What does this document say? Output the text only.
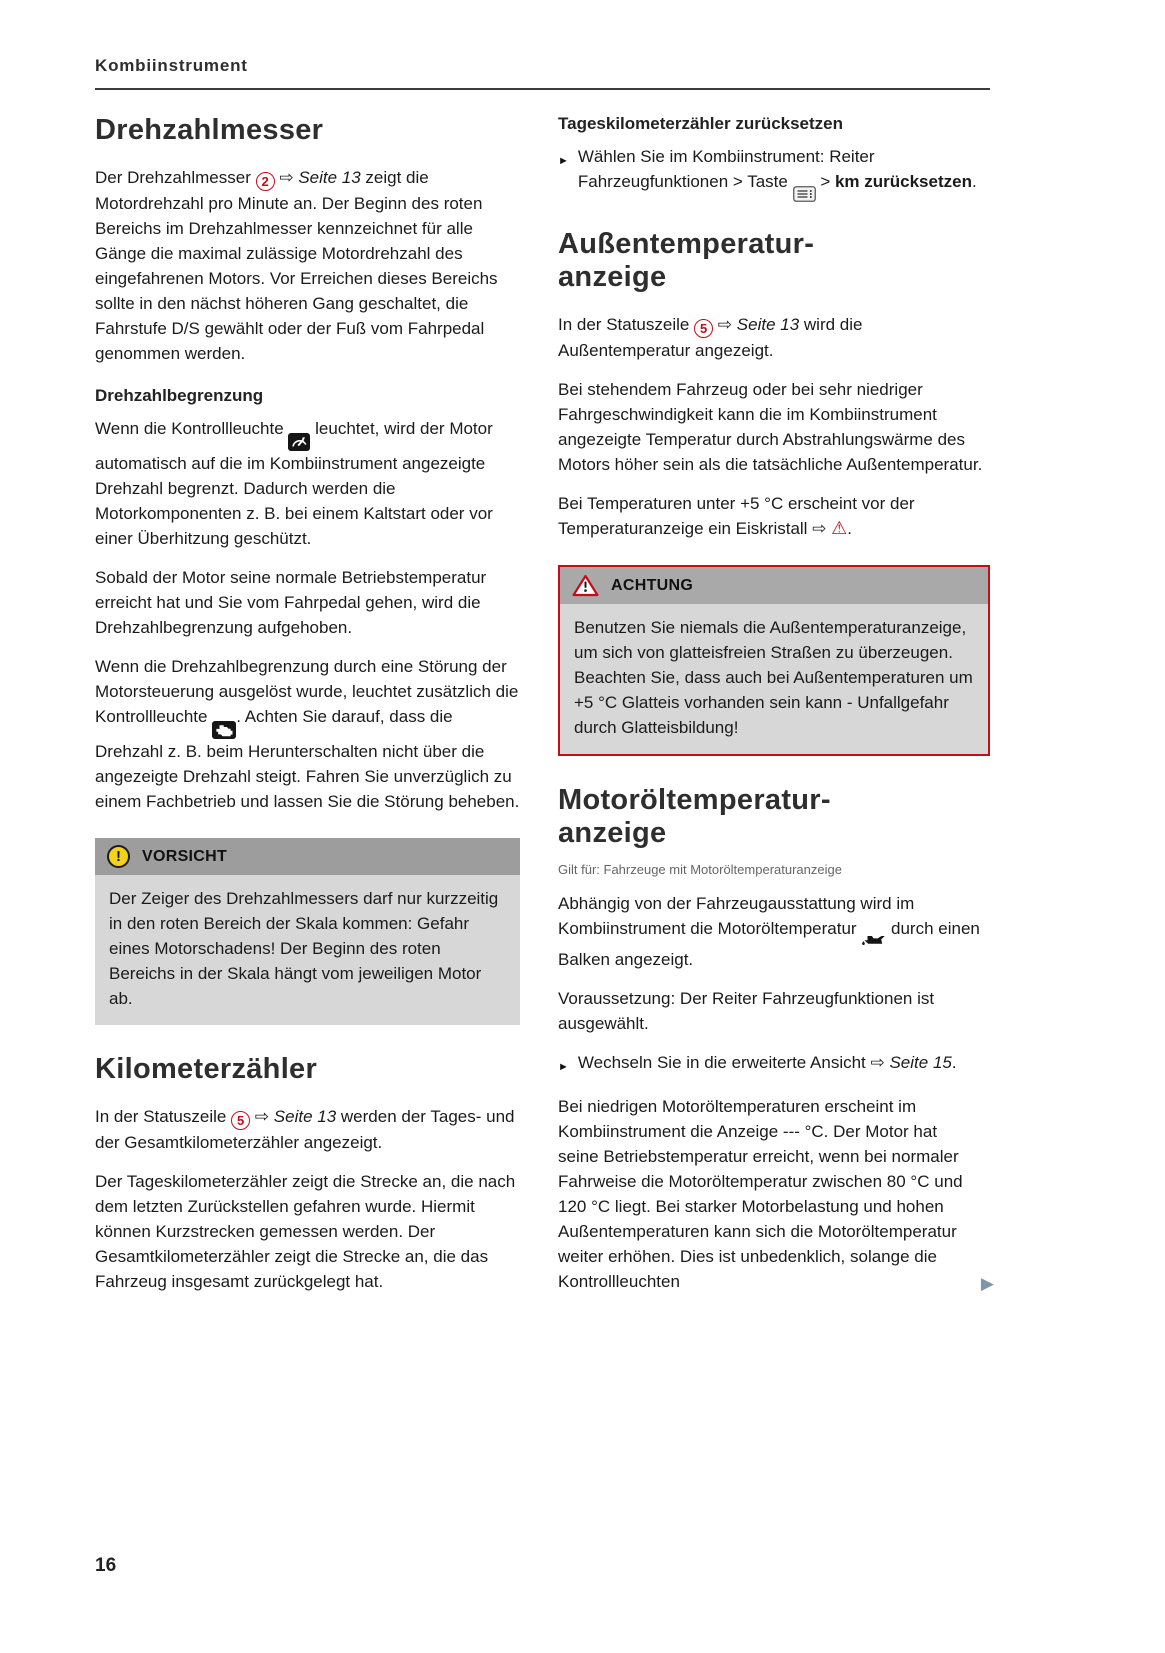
Kombiinstrument
Drehzahlmesser

Der Drehzahlmesser 2 ⇨ Seite 13 zeigt die Motordrehzahl pro Minute an. Der Beginn des roten Bereichs im Drehzahlmesser kennzeichnet für alle Gänge die maximal zulässige Motordrehzahl des eingefahrenen Motors. Vor Erreichen dieses Bereichs sollte in den nächst höheren Gang geschaltet, die Fahrstufe D/S gewählt oder der Fuß vom Fahrpedal genommen werden.

Drehzahlbegrenzung

Wenn die Kontrollleuchte  leuchtet, wird der Motor automatisch auf die im Kombiinstrument angezeigte Drehzahl begrenzt. Dadurch werden die Motorkomponenten z. B. bei einem Kaltstart oder vor einer Überhitzung geschützt.

Sobald der Motor seine normale Betriebstemperatur erreicht hat und Sie vom Fahrpedal gehen, wird die Drehzahlbegrenzung aufgehoben.

Wenn die Drehzahlbegrenzung durch eine Störung der Motorsteuerung ausgelöst wurde, leuchtet zusätzlich die Kontrollleuchte . Achten Sie darauf, dass die Drehzahl z. B. beim Herunterschalten nicht über die angezeigte Drehzahl steigt. Fahren Sie unverzüglich zu einem Fachbetrieb und lassen Sie die Störung beheben.

!	VORSICHT

Der Zeiger des Drehzahlmessers darf nur kurzzeitig in den roten Bereich der Skala kommen: Gefahr eines Motorschadens! Der Beginn des roten Bereichs in der Skala hängt vom jeweiligen Motor ab.

Kilometerzähler

In der Statuszeile 5 ⇨ Seite 13 werden der Tages- und der Gesamtkilometerzähler angezeigt.

Der Tageskilometerzähler zeigt die Strecke an, die nach dem letzten Zurückstellen gefahren wurde. Hiermit können Kurzstrecken gemessen werden. Der Gesamtkilometerzähler zeigt die Strecke an, die das Fahrzeug insgesamt zurückgelegt hat.

Tageskilometerzähler zurücksetzen
► Wählen Sie im Kombiinstrument: Reiter Fahrzeugfunktionen > Taste  > km zurücksetzen.
Außentemperatur-
anzeige

In der Statuszeile 5 ⇨ Seite 13 wird die Außentemperatur angezeigt.

Bei stehendem Fahrzeug oder bei sehr niedriger Fahrgeschwindigkeit kann die im Kombiinstrument angezeigte Temperatur durch Abstrahlungswärme des Motors höher sein als die tatsächliche Außentemperatur.

Bei Temperaturen unter +5 °C erscheint vor der Temperaturanzeige ein Eiskristall ⇨ ⚠.

ACHTUNG

Benutzen Sie niemals die Außentemperaturanzeige, um sich von glatteisfreien Straßen zu überzeugen. Beachten Sie, dass auch bei Außentemperaturen um +5 °C Glatteis vorhanden sein kann - Unfallgefahr durch Glatteisbildung!

Motoröltemperatur-
anzeige
Gilt für: Fahrzeuge mit Motoröltemperaturanzeige

Abhängig von der Fahrzeugausstattung wird im Kombiinstrument die Motoröltemperatur  durch einen Balken angezeigt.

Voraussetzung: Der Reiter Fahrzeugfunktionen ist ausgewählt.

► Wechseln Sie in die erweiterte Ansicht ⇨ Seite 15.

Bei niedrigen Motoröltemperaturen erscheint im Kombiinstrument die Anzeige --- °C. Der Motor hat seine Betriebstemperatur erreicht, wenn bei normaler Fahrweise die Motoröltemperatur zwischen 80 °C und 120 °C liegt. Bei starker Motorbelastung und hohen Außentemperaturen kann sich die Motoröltemperatur weiter erhöhen. Dies ist unbedenklich, solange die Kontrollleuchten	▶

16
